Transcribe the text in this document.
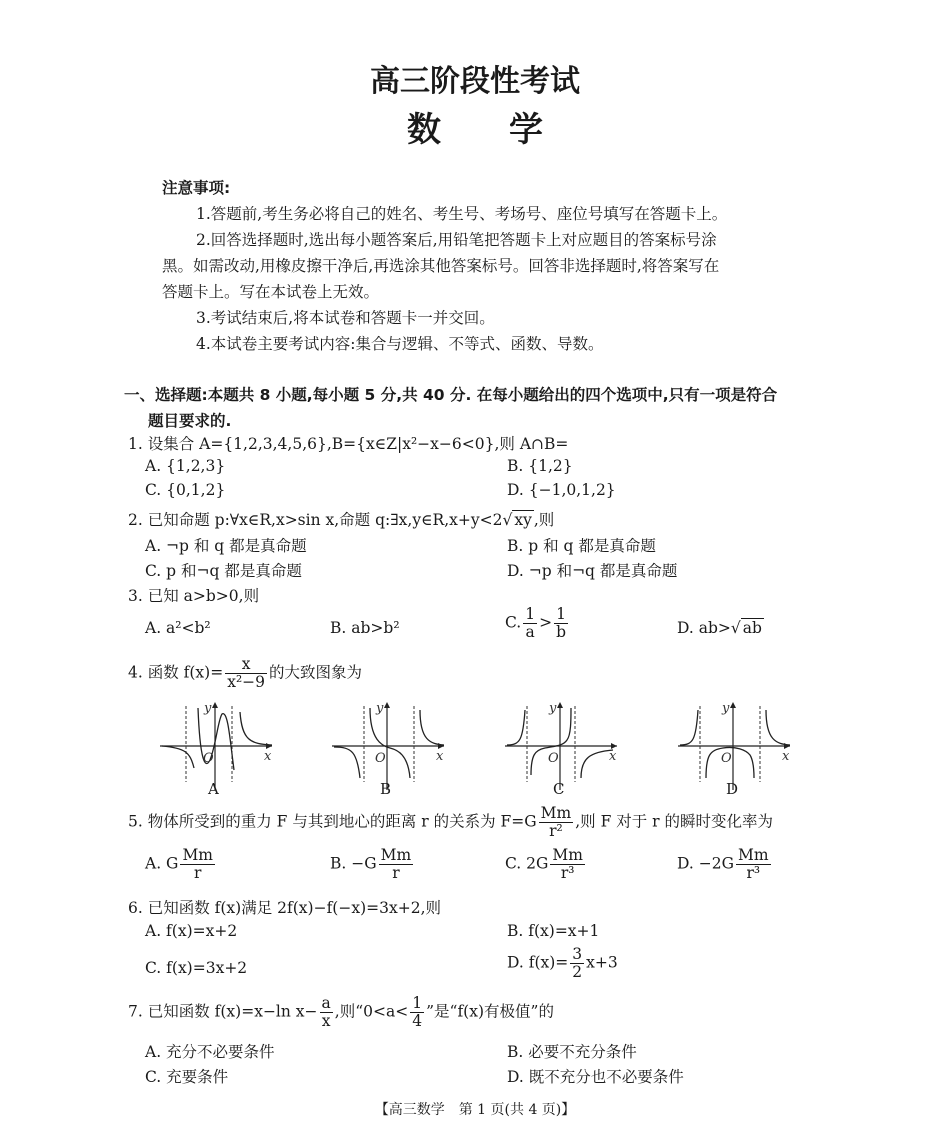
高三阶段性考试
数　　学
注意事项:
1.答题前,考生务必将自己的姓名、考生号、考场号、座位号填写在答题卡上。
2.回答选择题时,选出每小题答案后,用铅笔把答题卡上对应题目的答案标号涂
黑。如需改动,用橡皮擦干净后,再选涂其他答案标号。回答非选择题时,将答案写在
答题卡上。写在本试卷上无效。
3.考试结束后,将本试卷和答题卡一并交回。
4.本试卷主要考试内容:集合与逻辑、不等式、函数、导数。
一、选择题:本题共 8 小题,每小题 5 分,共 40 分. 在每小题给出的四个选项中,只有一项是符合
题目要求的.
1. 设集合 A={1,2,3,4,5,6},B={x∈Z|x²−x−6<0},则 A∩B=
A. {1,2,3}	B. {1,2}
C. {0,1,2}	D. {−1,0,1,2}
2. 已知命题 p:∀x∈R,x>sin x,命题 q:∃x,y∈R,x+y<2√ xy ,则
A. ¬p 和 q 都是真命题	B. p 和 q 都是真命题
C. p 和¬q 都是真命题	D. ¬p 和¬q 都是真命题
3. 已知 a>b>0,则
A. a²<b²	B. ab>b²	C. $\frac{1}{a} > \frac{1}{b}$	D. ab>√ ab
4. 函数 $f(x)= \frac{x}{\text{x²−9}}$ 的大致图象为
x
y
O	x
y
O	x
y
O	x
y
O
5. 物体所受到的重力 F 与其到地心的距离 r 的关系为 $F=G \frac{Mm}{\text{r²}}$ ,则 F 对于 r 的瞬时变化率为
A. G $\frac{Mm}{r}$	B. $-G \frac{Mm}{r}$	C. $2G \frac{Mm}{\text{r³}}$	D. $-2G \frac{Mm}{\text{r³}}$
6. 已知函数 f(x)满足 2f(x)−f(−x)=3x+2,则
A. f(x)=x+2	B. f(x)=x+1
C. f(x)=3x+2	D. $f(x)= \frac{3}{2} x+3$
7. 已知函数 f(x)=x−ln $x- \frac{a}{x}$ ,则“$0<a< \frac{1}{4}$ ”是“f(x)有极值”的
A. 充分不必要条件	B. 必要不充分条件
C. 充要条件	D. 既不充分也不必要条件
【高三数学　第 1 页(共 4 页)】
A	B	C	D
